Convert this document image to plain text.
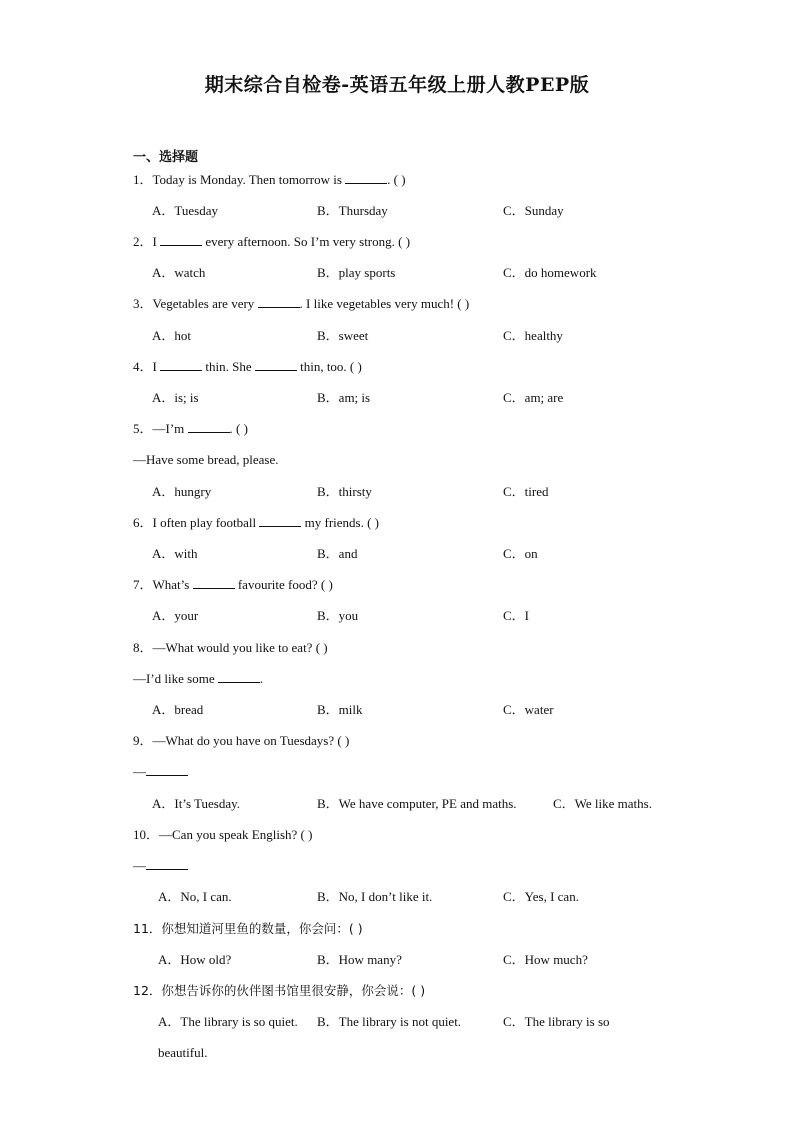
期末综合自检卷-英语五年级上册人教PEP版
一、选择题
1．Today is Monday. Then tomorrow is	. ( )
A．Tuesday	B．Thursday	C．Sunday
2．I	every afternoon. So I’m very strong. ( )
A．watch	B．play sports	C．do homework
3．Vegetables are very	. I like vegetables very much! ( )
A．hot	B．sweet	C．healthy
4．I	thin. She	thin, too. ( )
A．is; is	B．am; is	C．am; are
5．—I’m	. ( )
—Have some bread, please.
A．hungry	B．thirsty	C．tired
6．I often play football	my friends. ( )
A．with	B．and	C．on
7．What’s	favourite food? ( )
A．your	B．you	C．I
8．—What would you like to eat? ( )
—I’d like some	.
A．bread	B．milk	C．water
9．—What do you have on Tuesdays? ( )
—
A．It’s Tuesday.	B．We have computer, PE and maths.	C．We like maths.
10．—Can you speak English? ( )
—
A．No, I can.	B．No, I don’t like it.	C．Yes, I can.
11．你想知道河里鱼的数量，你会问：( )
A．How old?	B．How many?	C．How much?
12．你想告诉你的伙伴图书馆里很安静，你会说：( )
A．The library is so quiet. B．The library is not quiet.	C．The library is so
beautiful.
